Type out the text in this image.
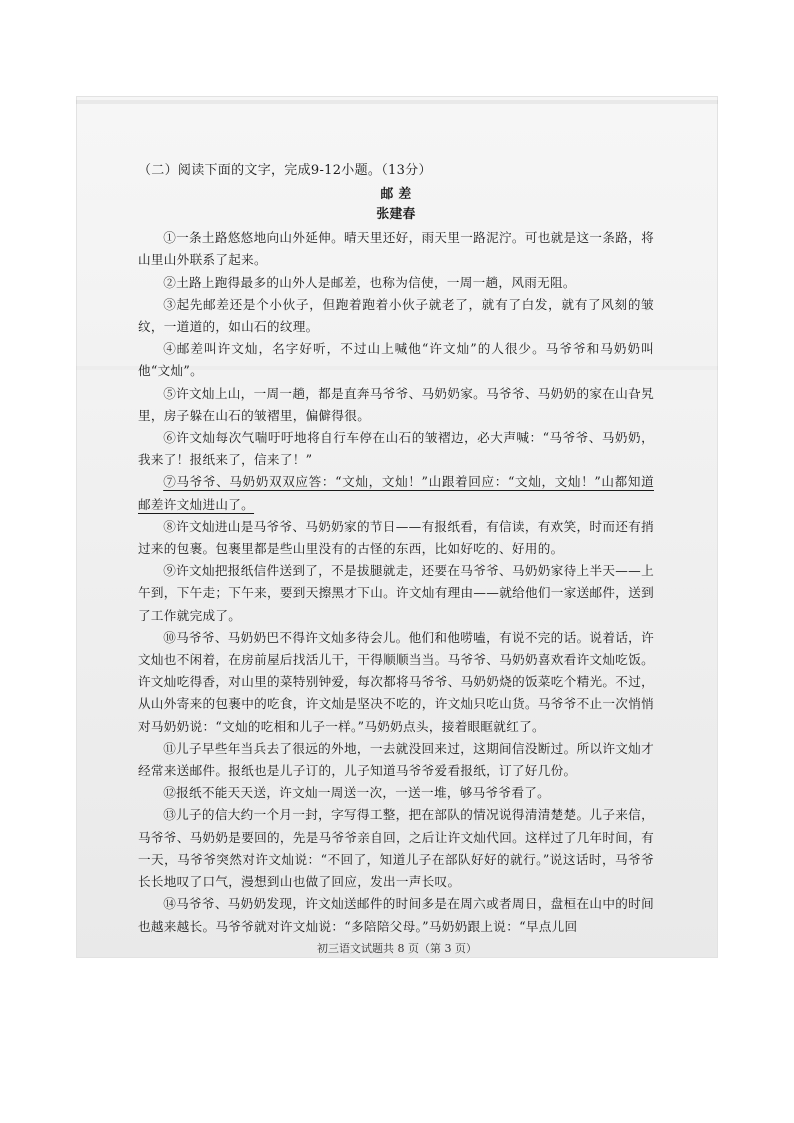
（二）阅读下面的文字，完成9-12小题。（13分）
邮 差
张建春

①一条土路悠悠地向山外延伸。晴天里还好，雨天里一路泥泞。可也就是这一条路，将山里山外联系了起来。

②土路上跑得最多的山外人是邮差，也称为信使，一周一趟，风雨无阻。

③起先邮差还是个小伙子，但跑着跑着小伙子就老了，就有了白发，就有了风刻的皱纹，一道道的，如山石的纹理。

④邮差叫许文灿，名字好听，不过山上喊他“许文灿”的人很少。马爷爷和马奶奶叫他“文灿”。

⑤许文灿上山，一周一趟，都是直奔马爷爷、马奶奶家。马爷爷、马奶奶的家在山旮旯里，房子躲在山石的皱褶里，偏僻得很。

⑥许文灿每次气喘吁吁地将自行车停在山石的皱褶边，必大声喊：“马爷爷、马奶奶，我来了！报纸来了，信来了！”

⑦马爷爷、马奶奶双双应答：“文灿，文灿！”山跟着回应：“文灿，文灿！”山都知道邮差许文灿进山了。

⑧许文灿进山是马爷爷、马奶奶家的节日——有报纸看，有信读，有欢笑，时而还有捎过来的包裹。包裹里都是些山里没有的古怪的东西，比如好吃的、好用的。

⑨许文灿把报纸信件送到了，不是拔腿就走，还要在马爷爷、马奶奶家待上半天——上午到，下午走；下午来，要到天擦黑才下山。许文灿有理由——就给他们一家送邮件，送到了工作就完成了。

⑩马爷爷、马奶奶巴不得许文灿多待会儿。他们和他唠嗑，有说不完的话。说着话，许文灿也不闲着，在房前屋后找活儿干，干得顺顺当当。马爷爷、马奶奶喜欢看许文灿吃饭。许文灿吃得香，对山里的菜特别钟爱，每次都将马爷爷、马奶奶烧的饭菜吃个精光。不过，从山外寄来的包裹中的吃食，许文灿是坚决不吃的，许文灿只吃山货。马爷爷不止一次悄悄对马奶奶说：“文灿的吃相和儿子一样。”马奶奶点头，接着眼眶就红了。

⑪儿子早些年当兵去了很远的外地，一去就没回来过，这期间信没断过。所以许文灿才经常来送邮件。报纸也是儿子订的，儿子知道马爷爷爱看报纸，订了好几份。

⑫报纸不能天天送，许文灿一周送一次，一送一堆，够马爷爷看了。

⑬儿子的信大约一个月一封，字写得工整，把在部队的情况说得清清楚楚。儿子来信，马爷爷、马奶奶是要回的，先是马爷爷亲自回，之后让许文灿代回。这样过了几年时间，有一天，马爷爷突然对许文灿说：“不回了，知道儿子在部队好好的就行。”说这话时，马爷爷长长地叹了口气，漫想到山也做了回应，发出一声长叹。

⑭马爷爷、马奶奶发现，许文灿送邮件的时间多是在周六或者周日，盘桓在山中的时间也越来越长。马爷爷就对许文灿说：“多陪陪父母。”马奶奶跟上说：“早点儿回

初三语文试题共 8 页（第 3 页）
